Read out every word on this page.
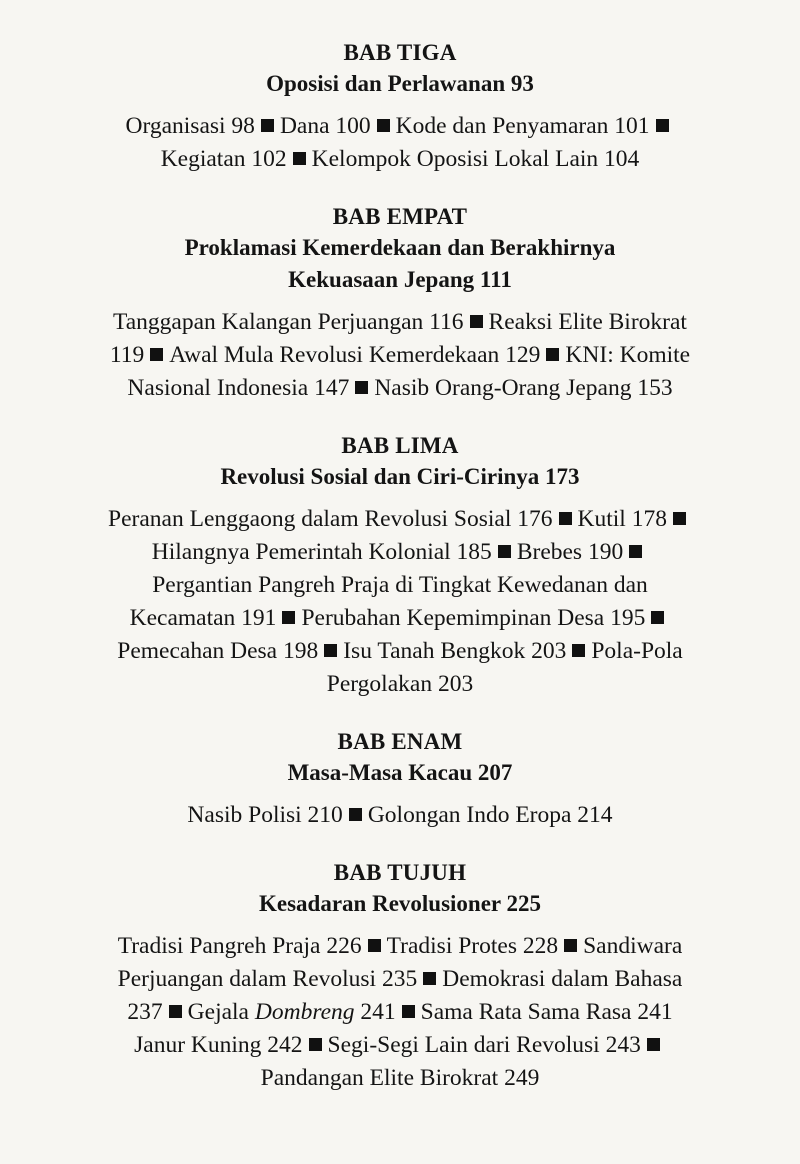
BAB TIGA
Oposisi dan Perlawanan 93
Organisasi 98 Dana 100 Kode dan Penyamaran 101
Kegiatan 102 Kelompok Oposisi Lokal Lain 104
BAB EMPAT
Proklamasi Kemerdekaan dan Berakhirnya
Kekuasaan Jepang 111
Tanggapan Kalangan Perjuangan 116 Reaksi Elite Birokrat
119 Awal Mula Revolusi Kemerdekaan 129 KNI: Komite
Nasional Indonesia 147 Nasib Orang-Orang Jepang 153
BAB LIMA
Revolusi Sosial dan Ciri-Cirinya 173
Peranan Lenggaong dalam Revolusi Sosial 176 Kutil 178
Hilangnya Pemerintah Kolonial 185 Brebes 190
Pergantian Pangreh Praja di Tingkat Kewedanan dan
Kecamatan 191 Perubahan Kepemimpinan Desa 195
Pemecahan Desa 198 Isu Tanah Bengkok 203 Pola-Pola
Pergolakan 203
BAB ENAM
Masa-Masa Kacau 207
Nasib Polisi 210 Golongan Indo Eropa 214
BAB TUJUH
Kesadaran Revolusioner 225
Tradisi Pangreh Praja 226 Tradisi Protes 228 Sandiwara
Perjuangan dalam Revolusi 235 Demokrasi dalam Bahasa
237 Gejala Dombreng 241 Sama Rata Sama Rasa 241
Janur Kuning 242 Segi-Segi Lain dari Revolusi 243
Pandangan Elite Birokrat 249
